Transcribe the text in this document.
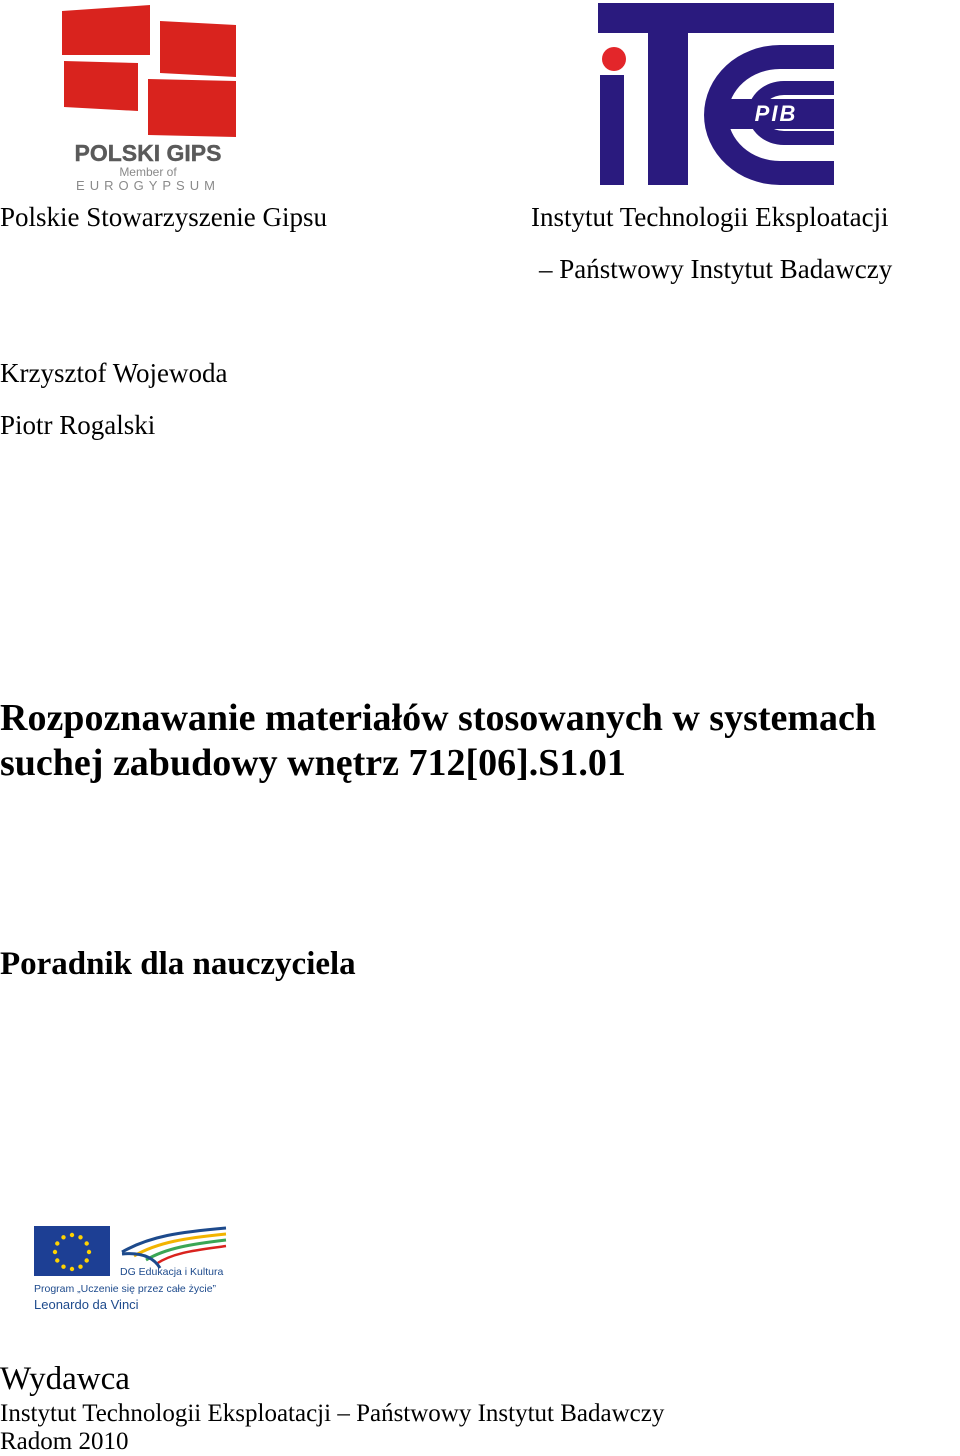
POLSKI GIPS
Member of
EUROGYPSUM
PIB
Polskie Stowarzyszenie Gipsu	Instytut Technologii Eksploatacji
– Państwowy Instytut Badawczy
Krzysztof Wojewoda
Piotr Rogalski
Rozpoznawanie materiałów stosowanych w systemach
suchej zabudowy wnętrz 712[06].S1.01
Poradnik dla nauczyciela
DG Edukacja i Kultura
Program „Uczenie się przez całe życie”
Leonardo da Vinci
Wydawca
Instytut Technologii Eksploatacji – Państwowy Instytut Badawczy
Radom 2010
